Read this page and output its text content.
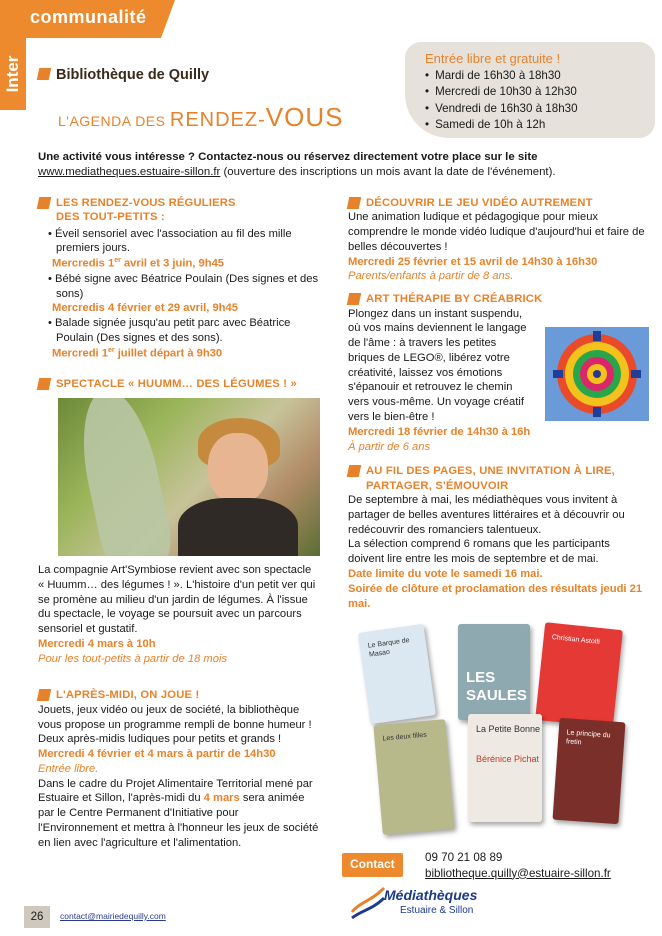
communalité
Inter	Bibliothèque de Quilly
L'AGENDA DES RENDEZ-VOUS
Entrée libre et gratuite !
• Mardi de 16h30 à 18h30
• Mercredi de 10h30 à 12h30
• Vendredi de 16h30 à 18h30
• Samedi de 10h à 12h
Une activité vous intéresse ? Contactez-nous ou réservez directement votre place sur le site
www.mediatheques.estuaire-sillon.fr (ouverture des inscriptions un mois avant la date de l'événement).
LES RENDEZ-VOUS RÉGULIERS
DES TOUT-PETITS :
• Éveil sensoriel avec l'association au fil des mille premiers jours.
Mercredis 1er avril et 3 juin, 9h45
• Bébé signe avec Béatrice Poulain (Des signes et des sons)
Mercredis 4 février et 29 avril, 9h45
• Balade signée jusqu'au petit parc avec Béatrice Poulain (Des signes et des sons).
Mercredi 1er juillet départ à 9h30
SPECTACLE « HUUMM… DES LÉGUMES ! »
La compagnie Art'Symbiose revient avec son spectacle « Huumm… des légumes ! ». L'histoire d'un petit ver qui se promène au milieu d'un jardin de légumes. À l'issue du spectacle, le voyage se poursuit avec un parcours sensoriel et gustatif.
Mercredi 4 mars à 10h
Pour les tout-petits à partir de 18 mois
L'APRÈS-MIDI, ON JOUE !
Jouets, jeux vidéo ou jeux de société, la bibliothèque vous propose un programme rempli de bonne humeur ! Deux après-midis ludiques pour petits et grands !
Mercredi 4 février et 4 mars à partir de 14h30
Entrée libre.
Dans le cadre du Projet Alimentaire Territorial mené par Estuaire et Sillon, l'après-midi du 4 mars sera animée par le Centre Permanent d'Initiative pour l'Environnement et mettra à l'honneur les jeux de société en lien avec l'agriculture et l'alimentation.
DÉCOUVRIR LE JEU VIDÉO AUTREMENT
Une animation ludique et pédagogique pour mieux comprendre le monde vidéo ludique d'aujourd'hui et faire de belles découvertes !
Mercredi 25 février et 15 avril de 14h30 à 16h30
Parents/enfants à partir de 8 ans.
ART THÉRAPIE BY CRÉABRICK
Plongez dans un instant suspendu,
où vos mains deviennent le langage
de l'âme : à travers les petites
briques de LEGO®, libérez votre
créativité, laissez vos émotions
s'épanouir et retrouvez le chemin
vers vous-même. Un voyage créatif
vers le bien-être !
Mercredi 18 février de 14h30 à 16h
À partir de 6 ans
AU FIL DES PAGES, UNE INVITATION À LIRE,
PARTAGER, S'ÉMOUVOIR
De septembre à mai, les médiathèques vous invitent à partager de belles aventures littéraires et à découvrir ou redécouvrir des romanciers talentueux.
La sélection comprend 6 romans que les participants doivent lire entre les mois de septembre et de mai.
Date limite du vote le samedi 16 mai.
Soirée de clôture et proclamation des résultats jeudi 21 mai.
Le Barque de Masao
LES
SAULES
Christian Astolfi
Les deux filles
La Petite Bonne
Bérénice Pichat
Le principe du fretin
Contact	09 70 21 08 89
bibliotheque.quilly@estuaire-sillon.fr
Médiathèques
Estuaire & Sillon
26	contact@mairiedequilly.com
